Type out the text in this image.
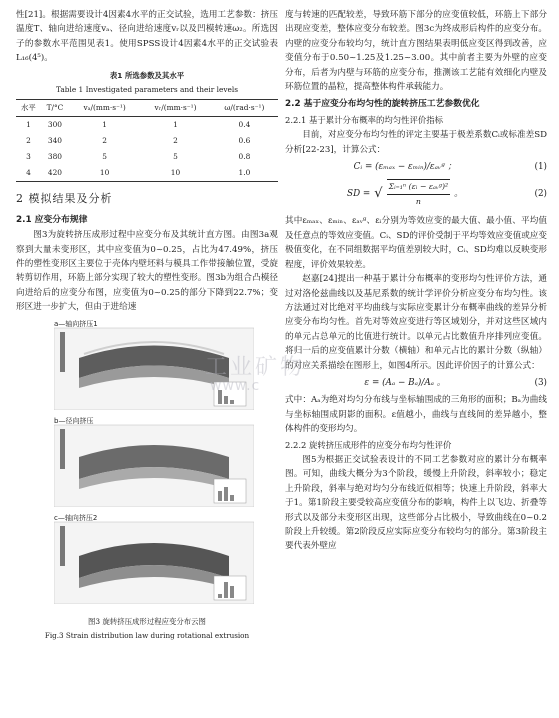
性[21]。根据需要设计4因素4水平的正交试验，选用工艺参数：挤压温度T、轴向进给速度vₐ、径向进给速度vᵣ以及凹模转速ω₂。所选因子的参数水平范围见表1。使用SPSS设计4因素4水平的正交试验表L₁₆(4⁵)。

表1 所选参数及其水平
Table 1 Investigated parameters and their levels
水平	T/°C	vₐ/(mm·s⁻¹)	vᵣ/(mm·s⁻¹)	ω/(rad·s⁻¹)
1	300	1	1	0.4
2	340	2	2	0.6
3	380	5	5	0.8
4	420	10	10	1.0
2 模拟结果及分析
2.1 应变分布规律

图3为旋转挤压成形过程中应变分布及其统计直方图。由图3a观察到大量未变形区，其中应变值为0~0.25，占比为47.49%，挤压件的塑性变形区主要位于壳体内壁坯料与模具工作带接触位置，受旋转剪切作用，环筋上部分实现了较大的塑性变形。图3b为组合凸模径向进给后的应变分布图，应变值为0~0.25的部分下降到22.7%；变形区进一步扩大，但由于进给速

a—轴向挤压1
b—径向挤压
c—轴向挤压2
图3 旋转挤压成形过程应变分布云图
Fig.3 Strain distribution law during rotational extrusion

度与转速的匹配较差，导致环筋下部分的应变值较低，环筋上下部分出现应变差，整体应变分布较差。图3c为终成形后构件的应变分布。内壁的应变分布较均匀，统计直方图结果表明低应变区得到改善，应变值分布于0.50~1.25及1.25~3.00。其中前者主要为外壁的应变分布，后者为内壁与环筋的应变分布，推测该工艺能有效细化内壁及环筋位置的晶粒，提高整体构件承载能力。

2.2 基于应变分布均匀性的旋转挤压工艺参数优化
2.2.1 基于累计分布概率的均匀性评价指标

目前，对应变分布均匀性的评定主要基于极差系数Cᵢ或标准差SD分析[22-23]，计算公式：

Cᵢ = (εₘₐₓ − εₘᵢₙ)/εₐᵥᵍ ；	(1)
SD = √ Σᵢ₌₁ⁿ (εᵢ − εₐᵥᵍ)²
n
。	(2)

其中εₘₐₓ、εₘᵢₙ、εₐᵥᵍ、εᵢ分别为等效应变的最大值、最小值、平均值及任意点的等效应变值。Cᵢ、SD的评价受制于平均等效应变值或应变极值变化，在不同组数据平均值差别较大时，Cᵢ、SD均难以反映变形程度，评价效果较差。

赵嘉[24]提出一种基于累计分布概率的变形均匀性评价方法，通过对洛伦兹曲线以及基尼系数的统计学评价分析应变分布均匀性。该方法通过对比绝对平均曲线与实际应变累计分布概率曲线的差异分析应变分布均匀性。首先对等效应变进行等区域划分，并对这些区域内的单元占总单元的比值进行统计。以单元占比数值升序排列应变值。将归一后的应变值累计分数（横轴）和单元占比的累计分数（纵轴）的对应关系描绘在图形上，如图4所示。因此评价因子的计算公式：

ε = (Aₐ − Bₐ)/Aₐ 。	(3)

式中：Aₐ为绝对均匀分布线与坐标轴围成的三角形的面积；Bₐ为曲线与坐标轴围成阴影的面积。ε值越小，曲线与直线间的差异越小，整体构件的变形均匀。

2.2.2 旋转挤压成形件的应变分布均匀性评价

图5为根据正交试验表设计的不同工艺参数对应的累计分布概率图。可知，曲线大概分为3个阶段，缓慢上升阶段，斜率较小；稳定上升阶段，斜率与绝对均匀分布线近似相等；快速上升阶段，斜率大于1。第1阶段主要受较高应变值分布的影响，构件上以飞边、折叠等形式以及部分未变形区出现，这些部分占比极小，导致曲线在0~0.2阶段上升较缓。第2阶段反应实际应变分布较均匀的部分。第3阶段主要代表外壁应

工业矿物
www.c
